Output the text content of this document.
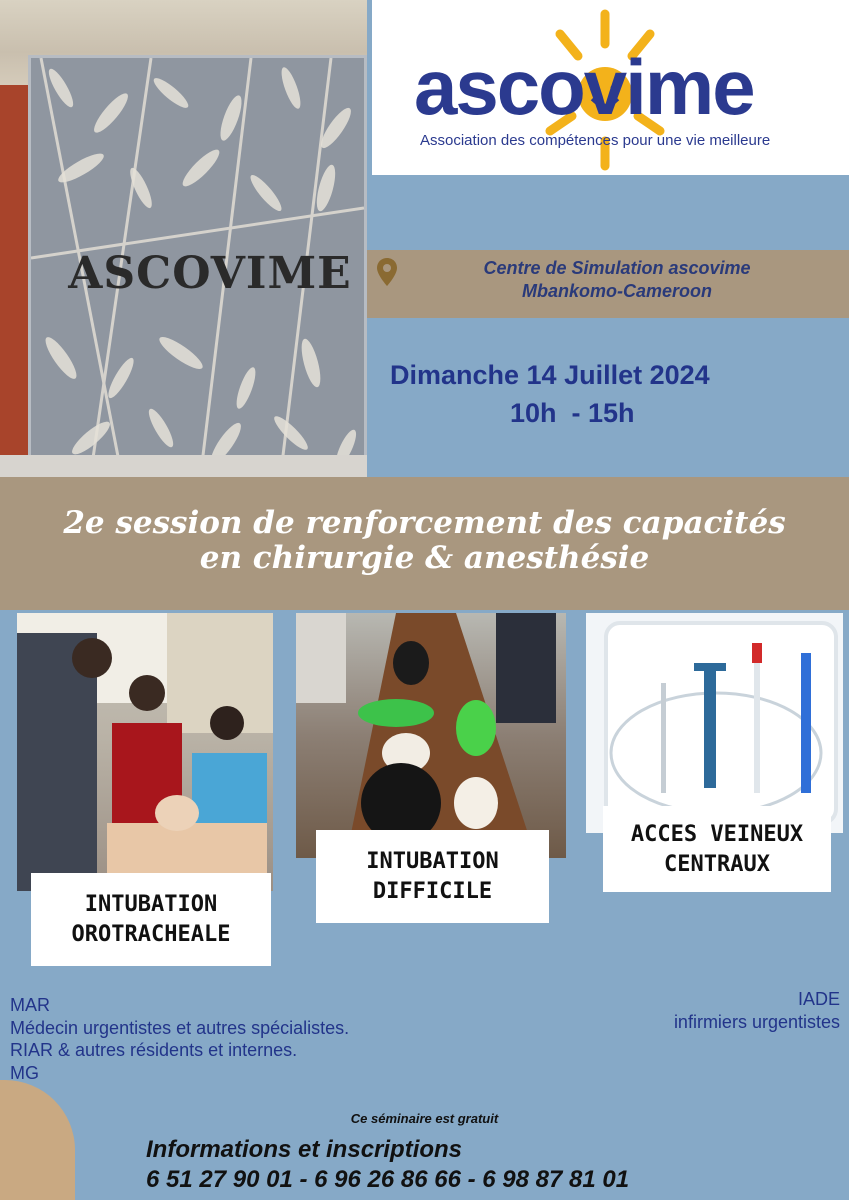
ASCOVIME
ascovime
Association des compétences pour une vie meilleure
Centre de Simulation ascovime
Mbankomo-Cameroon
Dimanche 14 Juillet 2024
10h  - 15h
2e session de renforcement des capacités
en chirurgie & anesthésie
INTUBATION
OROTRACHEALE
INTUBATION
DIFFICILE
ACCES VEINEUX
CENTRAUX
MAR
Médecin urgentistes et autres spécialistes.
RIAR & autres résidents et internes.
MG
IADE
infirmiers urgentistes
Ce séminaire est gratuit
Informations et inscriptions
6 51 27 90 01 - 6 96 26 86 66 - 6 98 87 81 01
